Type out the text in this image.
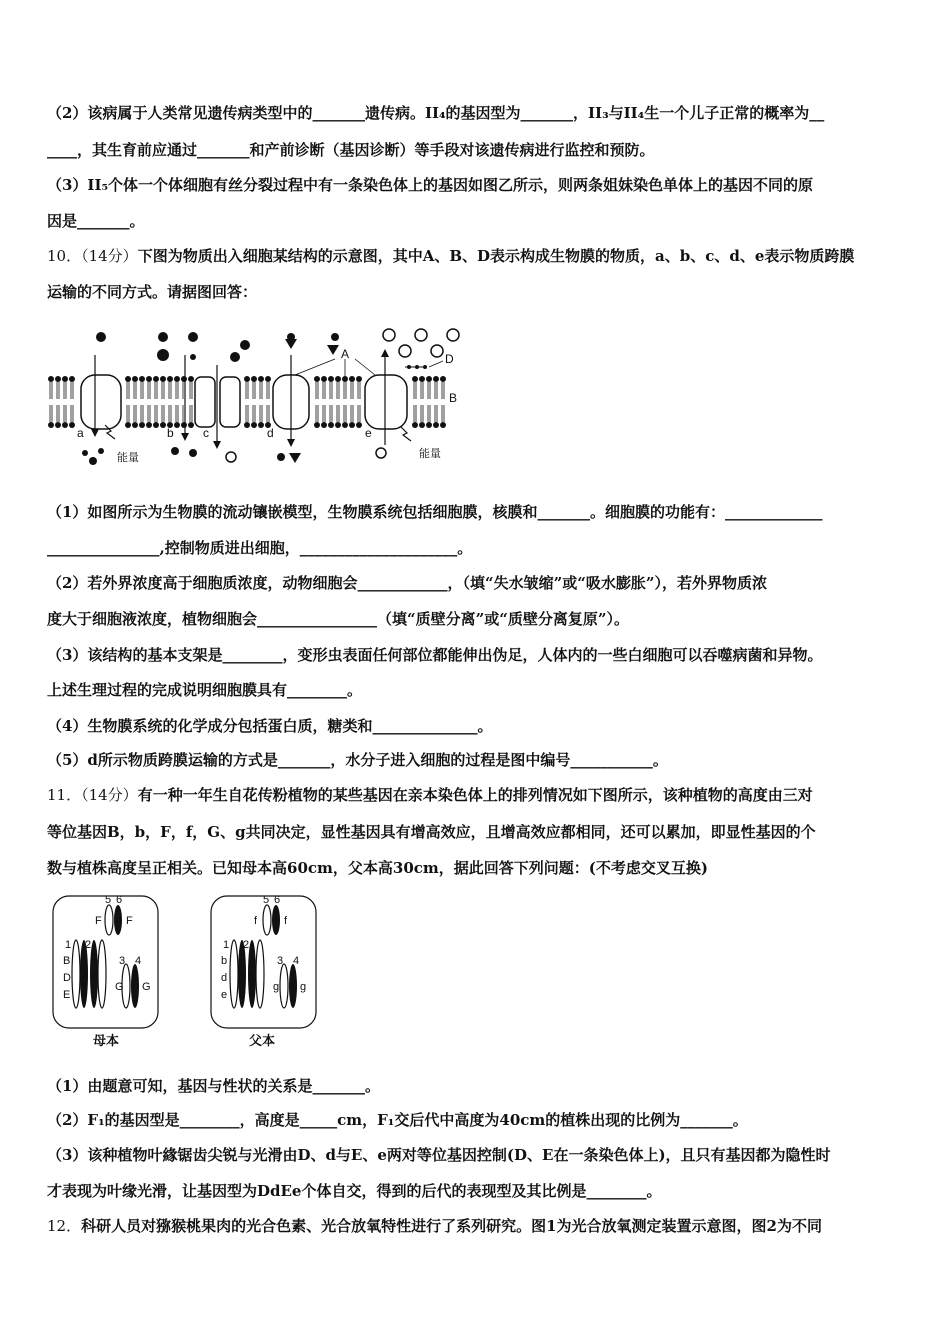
（2）该病属于人类常见遗传病类型中的_______遗传病。II₄的基因型为_______，II₃与II₄生一个儿子正常的概率为__
____，其生育前应通过_______和产前诊断（基因诊断）等手段对该遗传病进行监控和预防。
（3）II₅个体一个体细胞有丝分裂过程中有一条染色体上的基因如图乙所示，则两条姐妹染色单体上的基因不同的原
因是_______。
10．（14分）下图为物质出入细胞某结构的示意图，其中A、B、D表示构成生物膜的物质，a、b、c、d、e表示物质跨膜
运输的不同方式。请据图回答：
A
B
D
a	b c	d	e
能量	能量
（1）如图所示为生物膜的流动镶嵌模型，生物膜系统包括细胞膜，核膜和_______。细胞膜的功能有：_____________
_______________,控制物质进出细胞，_____________________。
（2）若外界浓度高于细胞质浓度，动物细胞会____________，（填“失水皱缩”或“吸水膨胀”），若外界物质浓
度大于细胞液浓度，植物细胞会________________（填“质壁分离”或“质壁分离复原”）。
（3）该结构的基本支架是________，变形虫表面任何部位都能伸出伪足，人体内的一些白细胞可以吞噬病菌和异物。
上述生理过程的完成说明细胞膜具有________。
（4）生物膜系统的化学成分包括蛋白质，糖类和______________。
（5）d所示物质跨膜运输的方式是_______，水分子进入细胞的过程是图中编号___________。
11．（14分）有一种一年生自花传粉植物的某些基因在亲本染色体上的排列情况如下图所示，该种植物的高度由三对
等位基因B，b，F，f，G、g共同决定，显性基因具有增高效应，且增高效应都相同，还可以累加，即显性基因的个
数与植株高度呈正相关。已知母本高60cm，父本高30cm，据此回答下列问题：(不考虑交叉互换)
5 6
F F
1 2
B
D
E
B
d
e
3 4
G G
母本
5 6
f f
1 2
b
d
e
b
d
e
3 4
g g
父本
（1）由题意可知，基因与性状的关系是_______。
（2）F₁的基因型是________，高度是_____cm，F₁交后代中高度为40cm的植株出现的比例为_______。
（3）该种植物叶緣锯齿尖锐与光滑由D、d与E、e两对等位基因控制(D、E在一条染色体上)，且只有基因都为隐性时
才表现为叶缘光滑，让基因型为DdEe个体自交，得到的后代的表现型及其比例是________。
12．科研人员对猕猴桃果肉的光合色素、光合放氧特性进行了系列研究。图1为光合放氧测定装置示意图，图2为不同
